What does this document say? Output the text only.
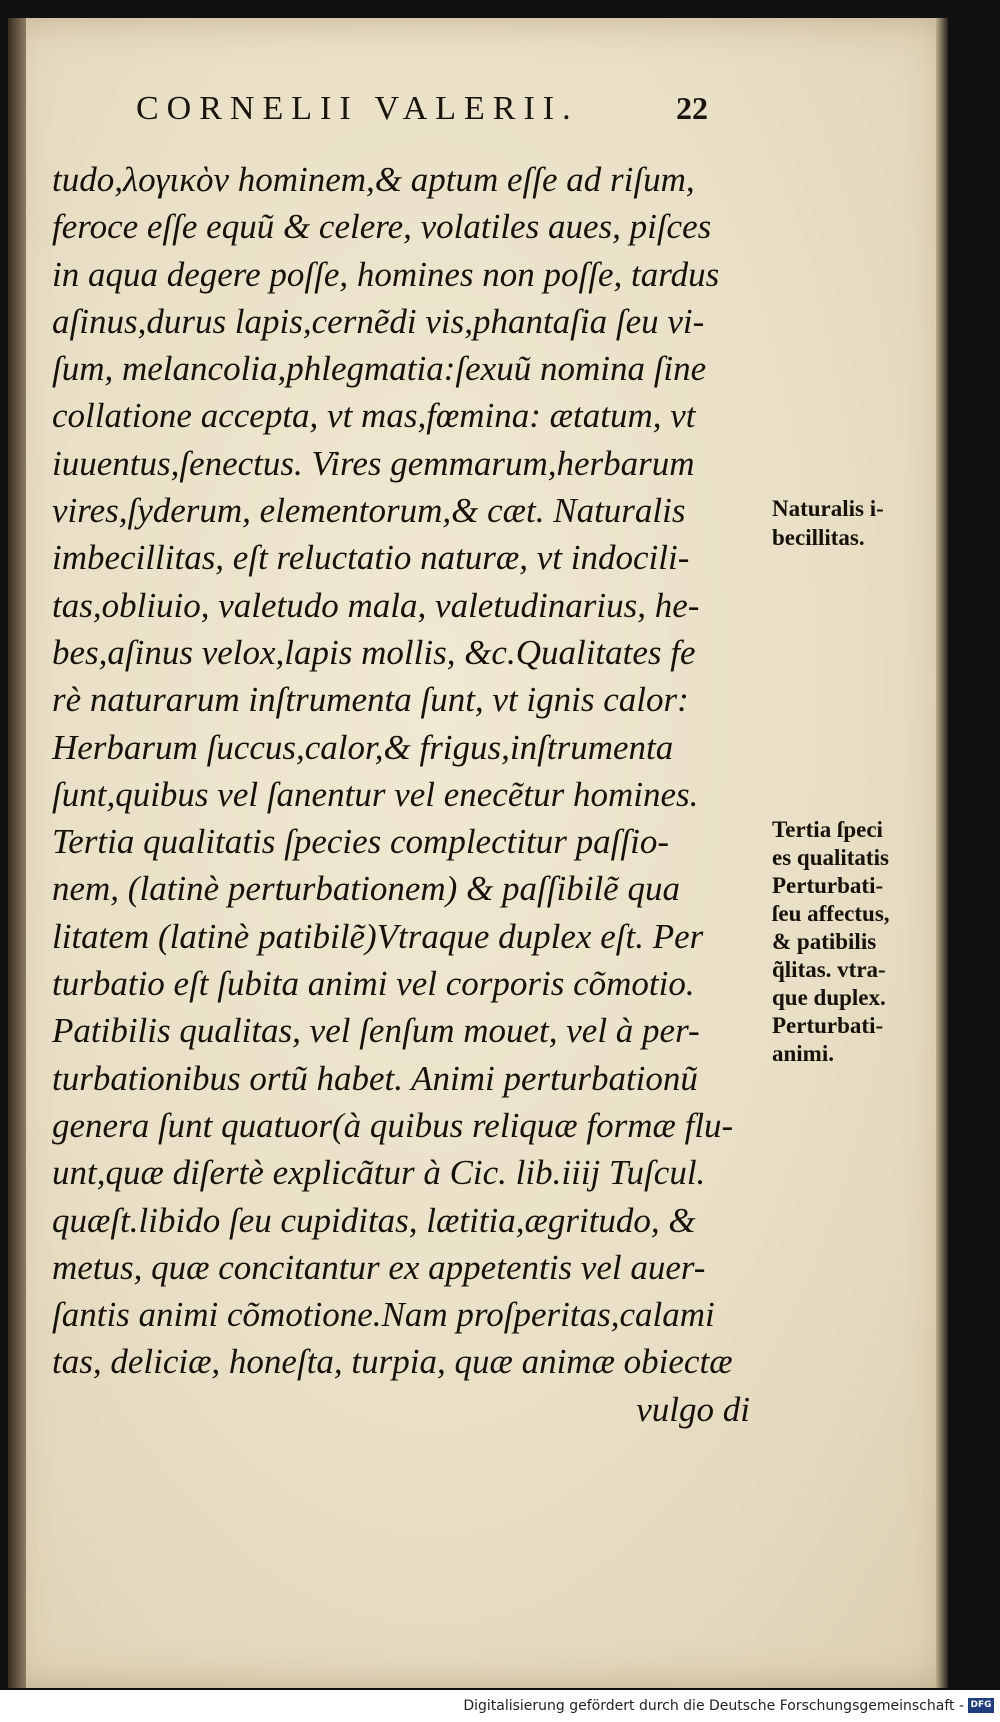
CORNELII VALERII.	22
tudo,λογικὸν hominem,& aptum eſſe ad riſum,
feroce eſſe equũ & celere, volatiles aues, piſces
in aqua degere poſſe, homines non poſſe, tardus
aſinus,durus lapis,cernẽdi vis,phantaſia ſeu vi-
ſum, melancolia,phlegmatia:ſexuũ nomina ſine
collatione accepta, vt mas,fœmina: ætatum, vt
iuuentus,ſenectus. Vires gemmarum,herbarum
vires,ſyderum, elementorum,& cæt. Naturalis
imbecillitas, eſt reluctatio naturæ, vt indocili-
tas,obliuio, valetudo mala, valetudinarius, he-
bes,aſinus velox,lapis mollis, &c.Qualitates fe
rè naturarum inſtrumenta ſunt, vt ignis calor:
Herbarum ſuccus,calor,& frigus,inſtrumenta
ſunt,quibus vel ſanentur vel enecẽtur homines.
Tertia qualitatis ſpecies complectitur paſſio-
nem, (latinè perturbationem) & paſſibilẽ qua
litatem (latinè patibilẽ)Vtraque duplex eſt. Per
turbatio eſt ſubita animi vel corporis cõmotio.
Patibilis qualitas, vel ſenſum mouet, vel à per-
turbationibus ortũ habet. Animi perturbationũ
genera ſunt quatuor(à quibus reliquæ formæ flu-
unt,quæ diſertè explicãtur à Cic. lib.iiij Tuſcul.
quæſt.libido ſeu cupiditas, lætitia,ægritudo, &
metus, quæ concitantur ex appetentis vel auer-
ſantis animi cõmotione.Nam proſperitas,calami
tas, deliciæ, honeſta, turpia, quæ animæ obiectæ
vulgo di
Naturalis i-
becillitas.
Tertia ſpeci
es qualitatis
Perturbati-
ſeu affectus,
& patibilis
q̃litas. vtra-
que duplex.
Perturbati-
animi.
Digitalisierung gefördert durch die Deutsche Forschungsgemeinschaft - DFG
